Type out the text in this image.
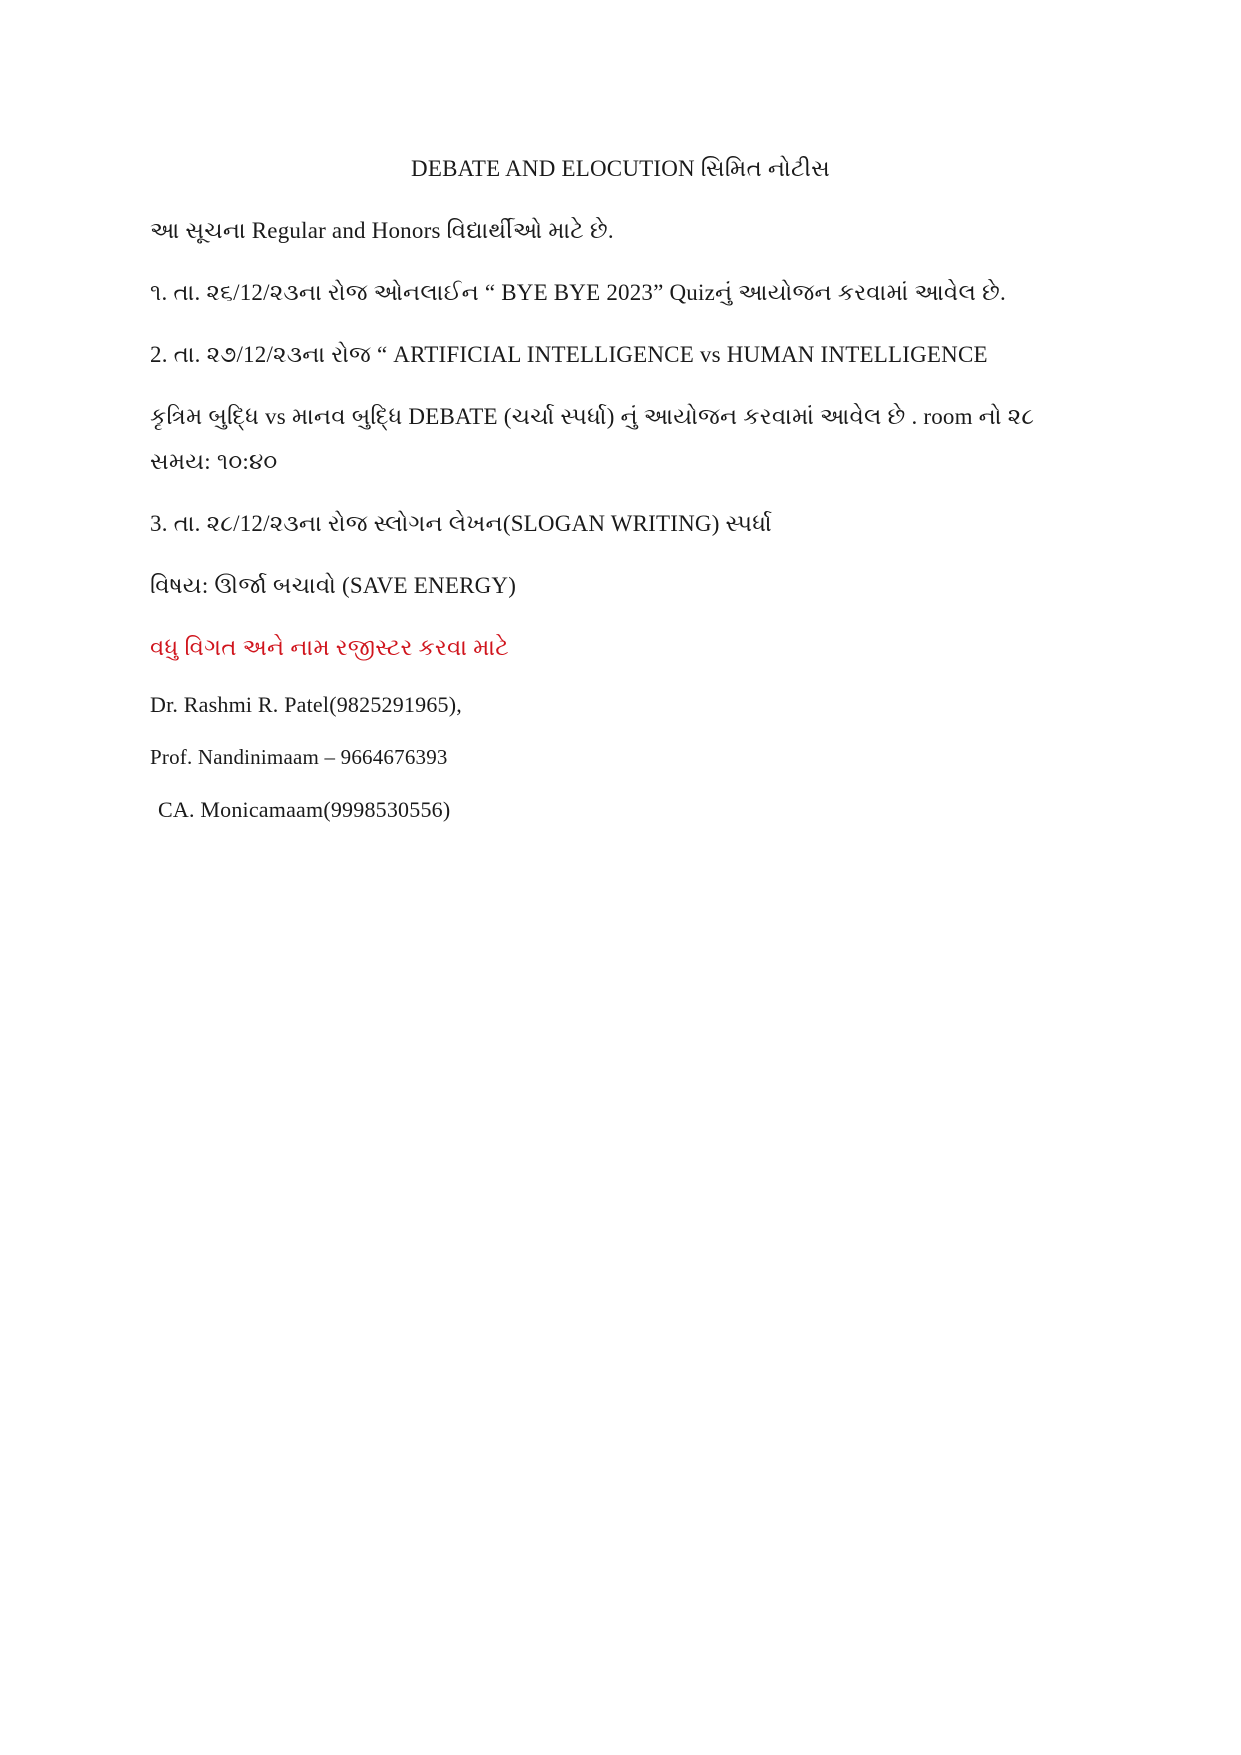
DEBATE AND ELOCUTION સિમિત નોટીસ
આ સૂચના Regular and Honors વિદ્યાર્થીઓ માટે છે.
૧. તા. ૨૬/12/૨૩ના રોજ ઓનલાઈન “ BYE BYE 2023” Quizનું આયોજન કરવામાં આવેલ છે.
2. તા. ૨૭/12/૨૩ના રોજ “ ARTIFICIAL INTELLIGENCE vs HUMAN INTELLIGENCE
કૃત્રિમ બુદ્ધિ vs માનવ બુદ્ધિ DEBATE (ચર્ચા સ્પર્ધા) નું આયોજન કરવામાં આવેલ છે . room નો ૨૮
સમય: ૧૦:૪૦
3. તા. ૨૮/12/૨૩ના રોજ સ્લોગન લેખન(SLOGAN WRITING) સ્પર્ધા
વિષય: ઊર્જા બચાવો (SAVE ENERGY)
વધુ વિગત અને નામ રજીસ્ટર કરવા માટે
Dr. Rashmi R. Patel(9825291965),
Prof. Nandinimaam – 9664676393
CA. Monicamaam(9998530556)
